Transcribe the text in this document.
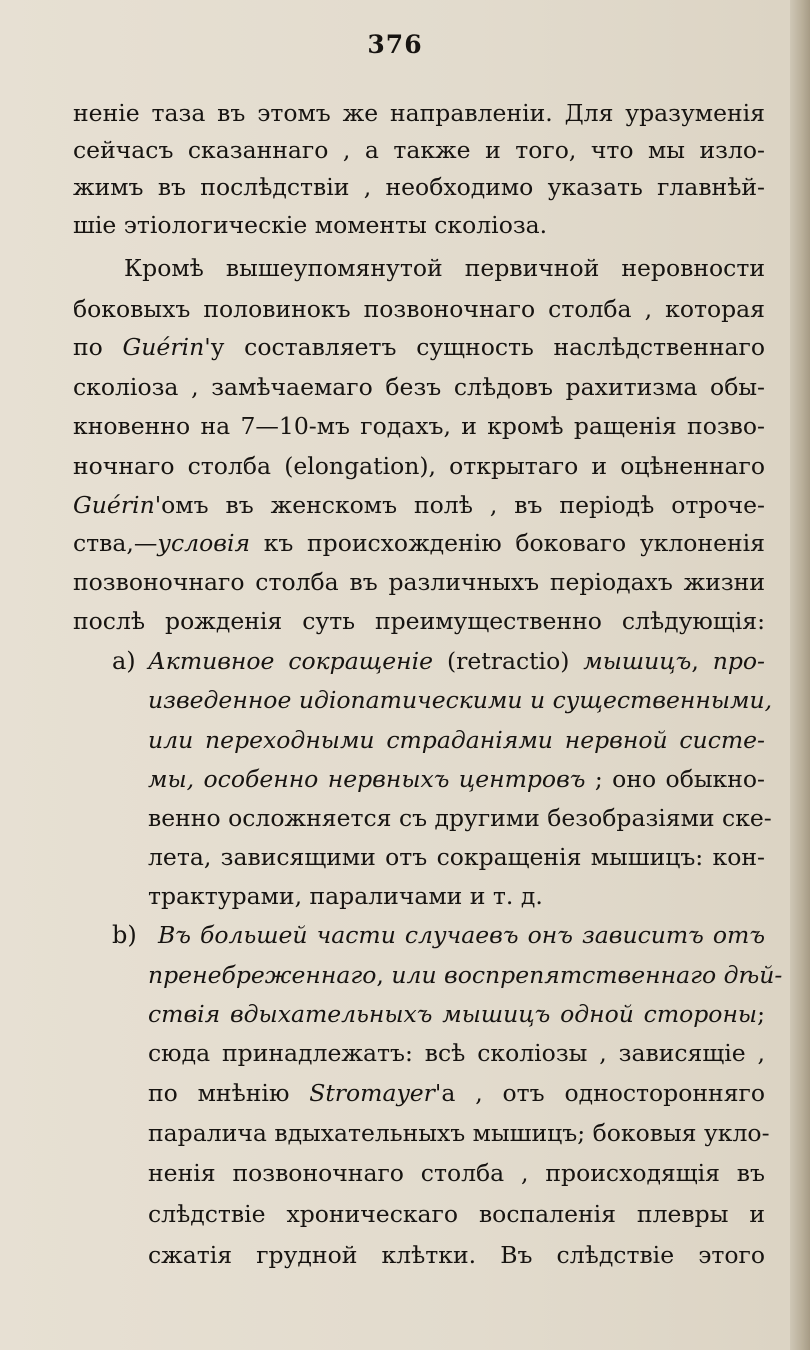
376
неніе таза въ этомъ же направленіи. Для уразуменія
сейчасъ сказаннаго , а также и того, что мы изло-
жимъ въ послѣдствіи , необходимо указать главнѣй-
шіе этіологическіе моменты сколіоза.
Кромѣ вышеупомянутой первичной неровности
боковыхъ половинокъ позвоночнаго столба , которая
по Guérin'у составляетъ сущность наслѣдственнаго
сколіоза , замѣчаемаго безъ слѣдовъ рахитизма обы-
кновенно на 7—10-мъ годахъ, и кромѣ ращенія позво-
ночнаго столба (elongation), открытаго и оцѣненнаго
Guérin'омъ въ женскомъ полѣ , въ періодѣ отроче-
ства,—условія къ происхожденію боковаго уклоненія
позвоночнаго столба въ различныхъ періодахъ жизни
послѣ рожденія суть преимущественно слѣдующія:
a) Активное сокращеніе (retractio) мышицъ, про-
изведенное идіопатическими и существенными,
или переходными страданіями нервной систе-
мы, особенно нервныхъ центровъ ; оно обыкно-
венно осложняется съ другими безобразіями ске-
лета, зависящими отъ сокращенія мышицъ: кон-
трактурами, параличами и т. д.
b) Въ большей части случаевъ онъ зависитъ отъ
пренебреженнаго, или воспрепятственнаго дѣй-
ствія вдыхательныхъ мышицъ одной стороны;
сюда принадлежатъ: всѣ сколіозы , зависящіе ,
по мнѣнію Stromayer'a , отъ односторонняго
паралича вдыхательныхъ мышицъ; боковыя укло-
ненія позвоночнаго столба , происходящія въ
слѣдствіе хроническаго воспаленія плевры и
сжатія грудной клѣтки. Въ слѣдствіе этого
